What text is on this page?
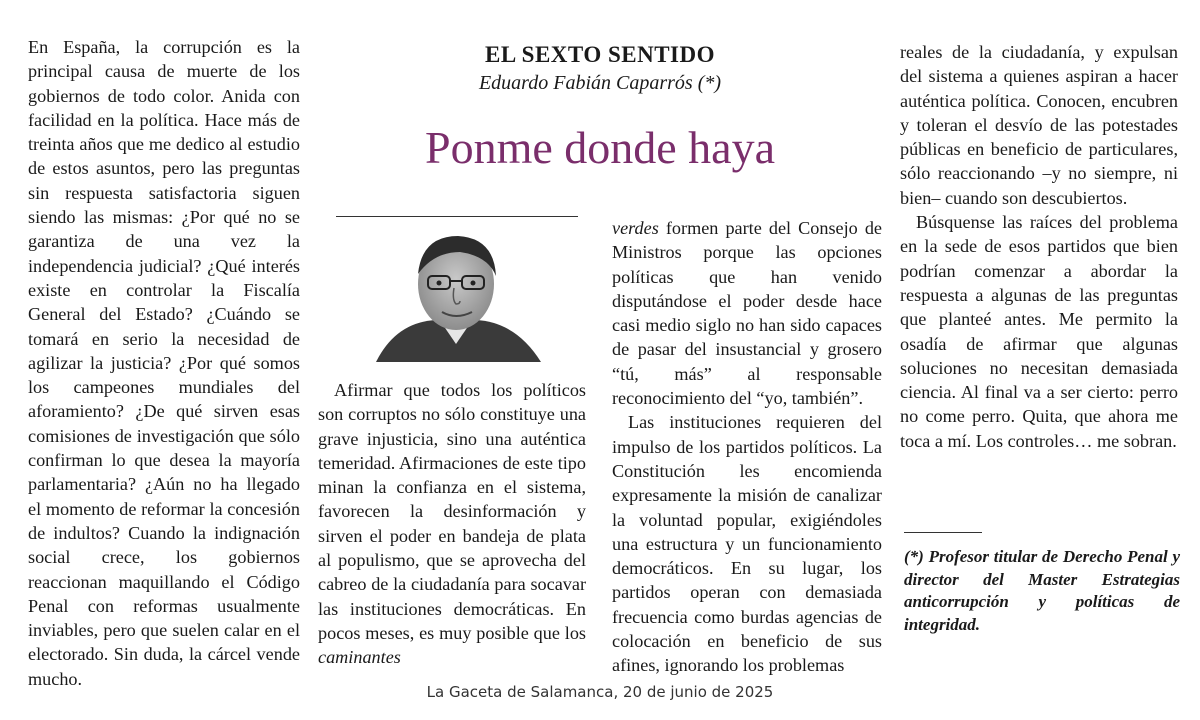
En España, la corrupción es la principal causa de muerte de los gobiernos de todo color. Anida con facilidad en la política. Hace más de treinta años que me dedico al estudio de estos asuntos, pero las preguntas sin respuesta satisfactoria siguen siendo las mismas: ¿Por qué no se garantiza de una vez la independencia judicial? ¿Qué interés existe en controlar la Fiscalía General del Estado? ¿Cuándo se tomará en serio la necesidad de agilizar la justicia? ¿Por qué somos los campeones mundiales del aforamiento? ¿De qué sirven esas comisiones de investigación que sólo confirman lo que desea la mayoría parlamentaria? ¿Aún no ha llegado el momento de reformar la concesión de indultos? Cuando la indignación social crece, los gobiernos reaccionan maquillando el Código Penal con reformas usualmente inviables, pero que suelen calar en el electorado. Sin duda, la cárcel vende mucho.

EL SEXTO SENTIDO
Eduardo Fabián Caparrós (*)
Ponme donde haya

Afirmar que todos los políticos son corruptos no sólo constituye una grave injusticia, sino una auténtica temeridad. Afirmaciones de este tipo minan la confianza en el sistema, favorecen la desinformación y sirven el poder en bandeja de plata al populismo, que se aprovecha del cabreo de la ciudadanía para socavar las instituciones democráticas. En pocos meses, es muy posible que los caminantes

verdes formen parte del Consejo de Ministros porque las opciones políticas que han venido disputándose el poder desde hace casi medio siglo no han sido capaces de pasar del insustancial y grosero “tú, más” al responsable reconocimiento del “yo, también”.

Las instituciones requieren del impulso de los partidos políticos. La Constitución les encomienda expresamente la misión de canalizar la voluntad popular, exigiéndoles una estructura y un funcionamiento democráticos. En su lugar, los partidos operan con demasiada frecuencia como burdas agencias de colocación en beneficio de sus afines, ignorando los problemas

reales de la ciudadanía, y expulsan del sistema a quienes aspiran a hacer auténtica política. Conocen, encubren y toleran el desvío de las potestades públicas en beneficio de particulares, sólo reaccionando –y no siempre, ni bien– cuando son descubiertos.

Búsquense las raíces del problema en la sede de esos partidos que bien podrían comenzar a abordar la respuesta a algunas de las preguntas que planteé antes. Me permito la osadía de afirmar que algunas soluciones no necesitan demasiada ciencia. Al final va a ser cierto: perro no come perro. Quita, que ahora me toca a mí. Los controles… me sobran.

(*) Profesor titular de Derecho Penal y director del Master Estrategias anticorrupción y políticas de integridad.
La Gaceta de Salamanca, 20 de junio de 2025
